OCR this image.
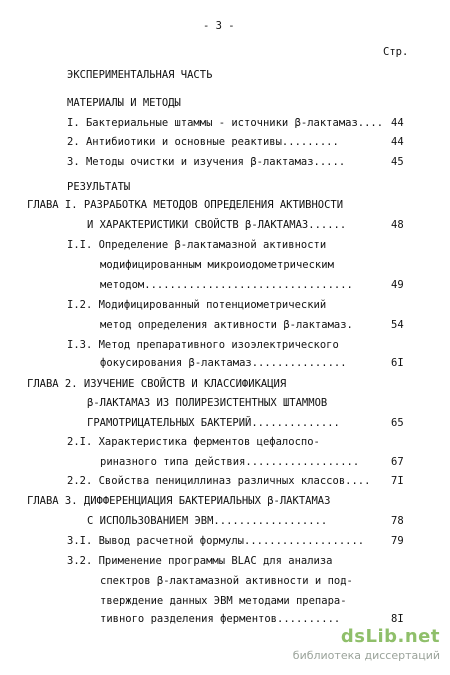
- 3 -
Стр.
ЭКСПЕРИМЕНТАЛЬНАЯ ЧАСТЬ
МАТЕРИАЛЫ И МЕТОДЫ
I. Бактериальные штаммы - источники β-лактамаз.... 44
2. Антибиотики и основные реактивы.........	44
3. Методы очистки и изучения β-лактамаз.....	45
РЕЗУЛЬТАТЫ
ГЛАВА I. РАЗРАБОТКА МЕТОДОВ ОПРЕДЕЛЕНИЯ АКТИВНОСТИ
И ХАРАКТЕРИСТИКИ СВОЙСТВ β-ЛАКТАМАЗ......	48
I.I. Определение β-лактамазной активности
модифицированным микроиодометрическим
методом.................................	49
I.2. Модифицированный потенциометрический
метод определения активности β-лактамаз.	54
I.3. Метод препаративного изоэлектрического
фокусирования β-лактамаз...............	6I
ГЛАВА 2. ИЗУЧЕНИЕ СВОЙСТВ И КЛАССИФИКАЦИЯ
β-ЛАКТАМАЗ ИЗ ПОЛИРЕЗИСТЕНТНЫХ ШТАММОВ
ГРАМОТРИЦАТЕЛЬНЫХ БАКТЕРИЙ..............	65
2.I. Характеристика ферментов цефалоспо-
риназного типа действия..................	67
2.2. Свойства пенициллиназ различных классов.... 7I
ГЛАВА 3. ДИФФЕРЕНЦИАЦИЯ БАКТЕРИАЛЬНЫХ β-ЛАКТАМАЗ
С ИСПОЛЬЗОВАНИЕМ ЭВМ..................	78
3.I. Вывод расчетной формулы...................	79
3.2. Применение программы BLAC для анализа
спектров β-лактамазной активности и под-
тверждение данных ЭВМ методами препара-
тивного разделения ферментов..........	8I
dsLib.net
библиотека диссертаций
